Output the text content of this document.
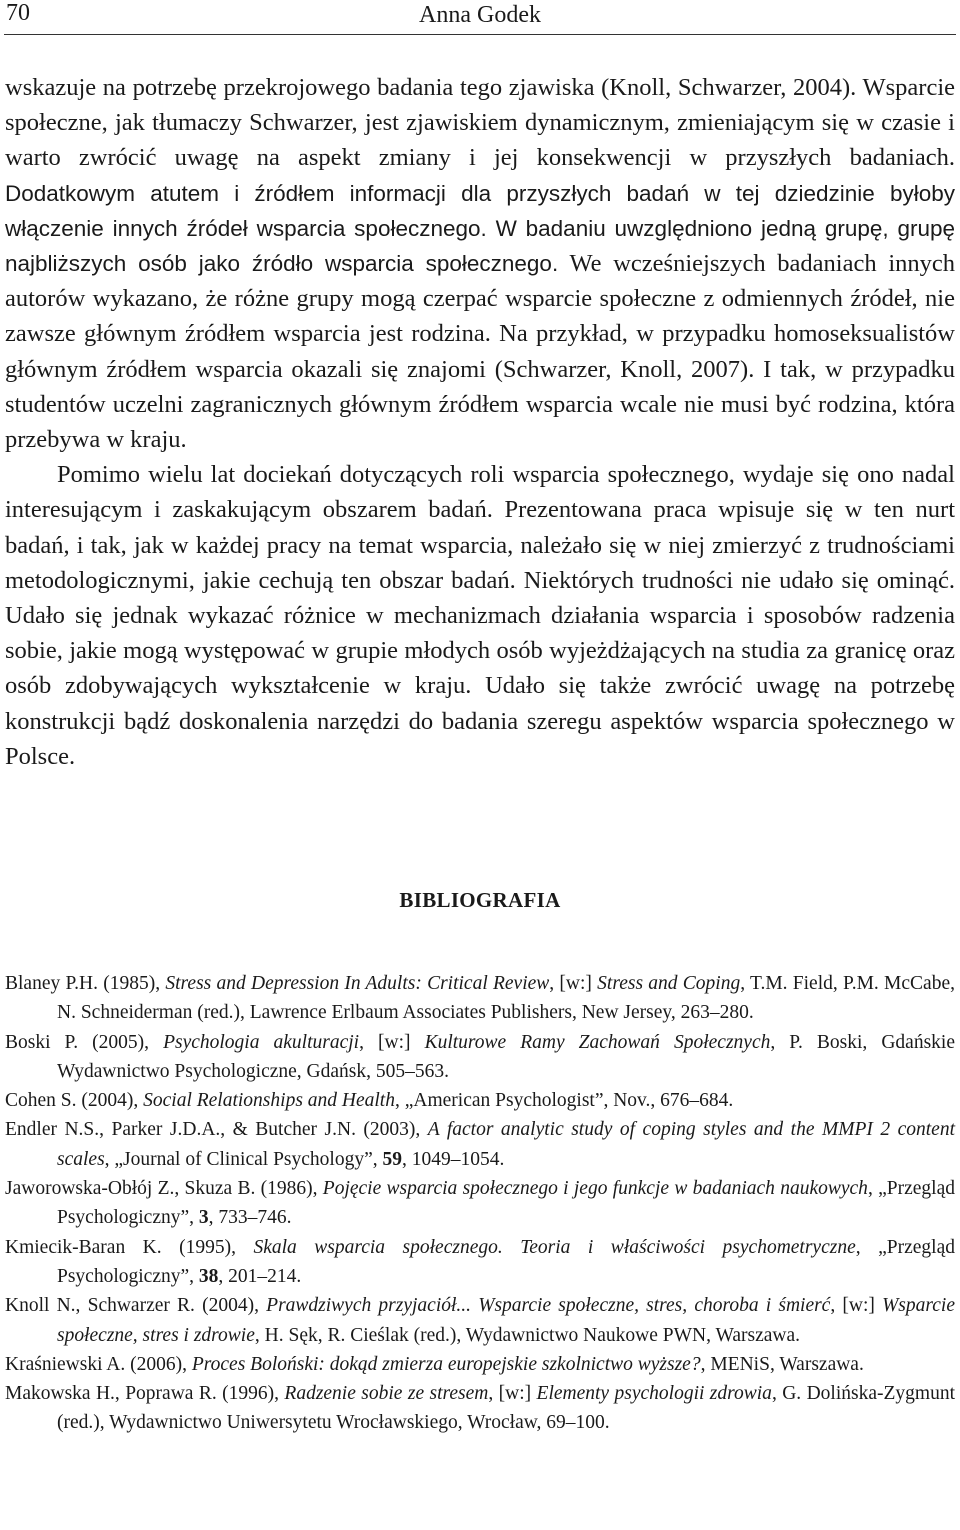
70	Anna Godek

wskazuje na potrzebę przekrojowego badania tego zjawiska (Knoll, Schwarzer, 2004). Wsparcie społeczne, jak tłumaczy Schwarzer, jest zjawiskiem dynamicznym, zmieniającym się w czasie i warto zwrócić uwagę na aspekt zmiany i jej konsekwencji w przyszłych badaniach. Dodatkowym atutem i źródłem informacji dla przyszłych badań w tej dziedzinie byłoby włączenie innych źródeł wsparcia społecznego. W badaniu uwzględniono jedną grupę, grupę najbliższych osób jako źródło wsparcia społecznego. We wcześniejszych badaniach innych autorów wykazano, że różne grupy mogą czerpać wsparcie społeczne z odmiennych źródeł, nie zawsze głównym źródłem wsparcia jest rodzina. Na przykład, w przypadku homoseksualistów głównym źródłem wsparcia okazali się znajomi (Schwarzer, Knoll, 2007). I tak, w przypadku studentów uczelni zagranicznych głównym źródłem wsparcia wcale nie musi być rodzina, która przebywa w kraju.

Pomimo wielu lat dociekań dotyczących roli wsparcia społecznego, wydaje się ono nadal interesującym i zaskakującym obszarem badań. Prezentowana praca wpisuje się w ten nurt badań, i tak, jak w każdej pracy na temat wsparcia, należało się w niej zmierzyć z trudnościami metodologicznymi, jakie cechują ten obszar badań. Niektórych trudności nie udało się ominąć. Udało się jednak wykazać różnice w mechanizmach działania wsparcia i sposobów radzenia sobie, jakie mogą występować w grupie młodych osób wyjeżdżających na studia za granicę oraz osób zdobywających wykształcenie w kraju. Udało się także zwrócić uwagę na potrzebę konstrukcji bądź doskonalenia narzędzi do badania szeregu aspektów wsparcia społecznego w Polsce.

BIBLIOGRAFIA
Blaney P.H. (1985), Stress and Depression In Adults: Critical Review, [w:] Stress and Coping, T.M. Field, P.M. McCabe, N. Schneiderman (red.), Lawrence Erlbaum Associates Publishers, New Jersey, 263–280.
Boski P. (2005), Psychologia akulturacji, [w:] Kulturowe Ramy Zachowań Społecznych, P. Boski, Gdańskie Wydawnictwo Psychologiczne, Gdańsk, 505–563.
Cohen S. (2004), Social Relationships and Health, „American Psychologist”, Nov., 676–684.
Endler N.S., Parker J.D.A., & Butcher J.N. (2003), A factor analytic study of coping styles and the MMPI 2 content scales, „Journal of Clinical Psychology”, 59, 1049–1054.
Jaworowska-Obłój Z., Skuza B. (1986), Pojęcie wsparcia społecznego i jego funkcje w badaniach naukowych, „Przegląd Psychologiczny”, 3, 733–746.
Kmiecik-Baran K. (1995), Skala wsparcia społecznego. Teoria i właściwości psychometryczne, „Przegląd Psychologiczny”, 38, 201–214.
Knoll N., Schwarzer R. (2004), Prawdziwych przyjaciół... Wsparcie społeczne, stres, choroba i śmierć, [w:] Wsparcie społeczne, stres i zdrowie, H. Sęk, R. Cieślak (red.), Wydawnictwo Naukowe PWN, Warszawa.
Kraśniewski A. (2006), Proces Boloński: dokąd zmierza europejskie szkolnictwo wyższe?, MENiS, Warszawa.
Makowska H., Poprawa R. (1996), Radzenie sobie ze stresem, [w:] Elementy psychologii zdrowia, G. Dolińska-Zygmunt (red.), Wydawnictwo Uniwersytetu Wrocławskiego, Wrocław, 69–100.
